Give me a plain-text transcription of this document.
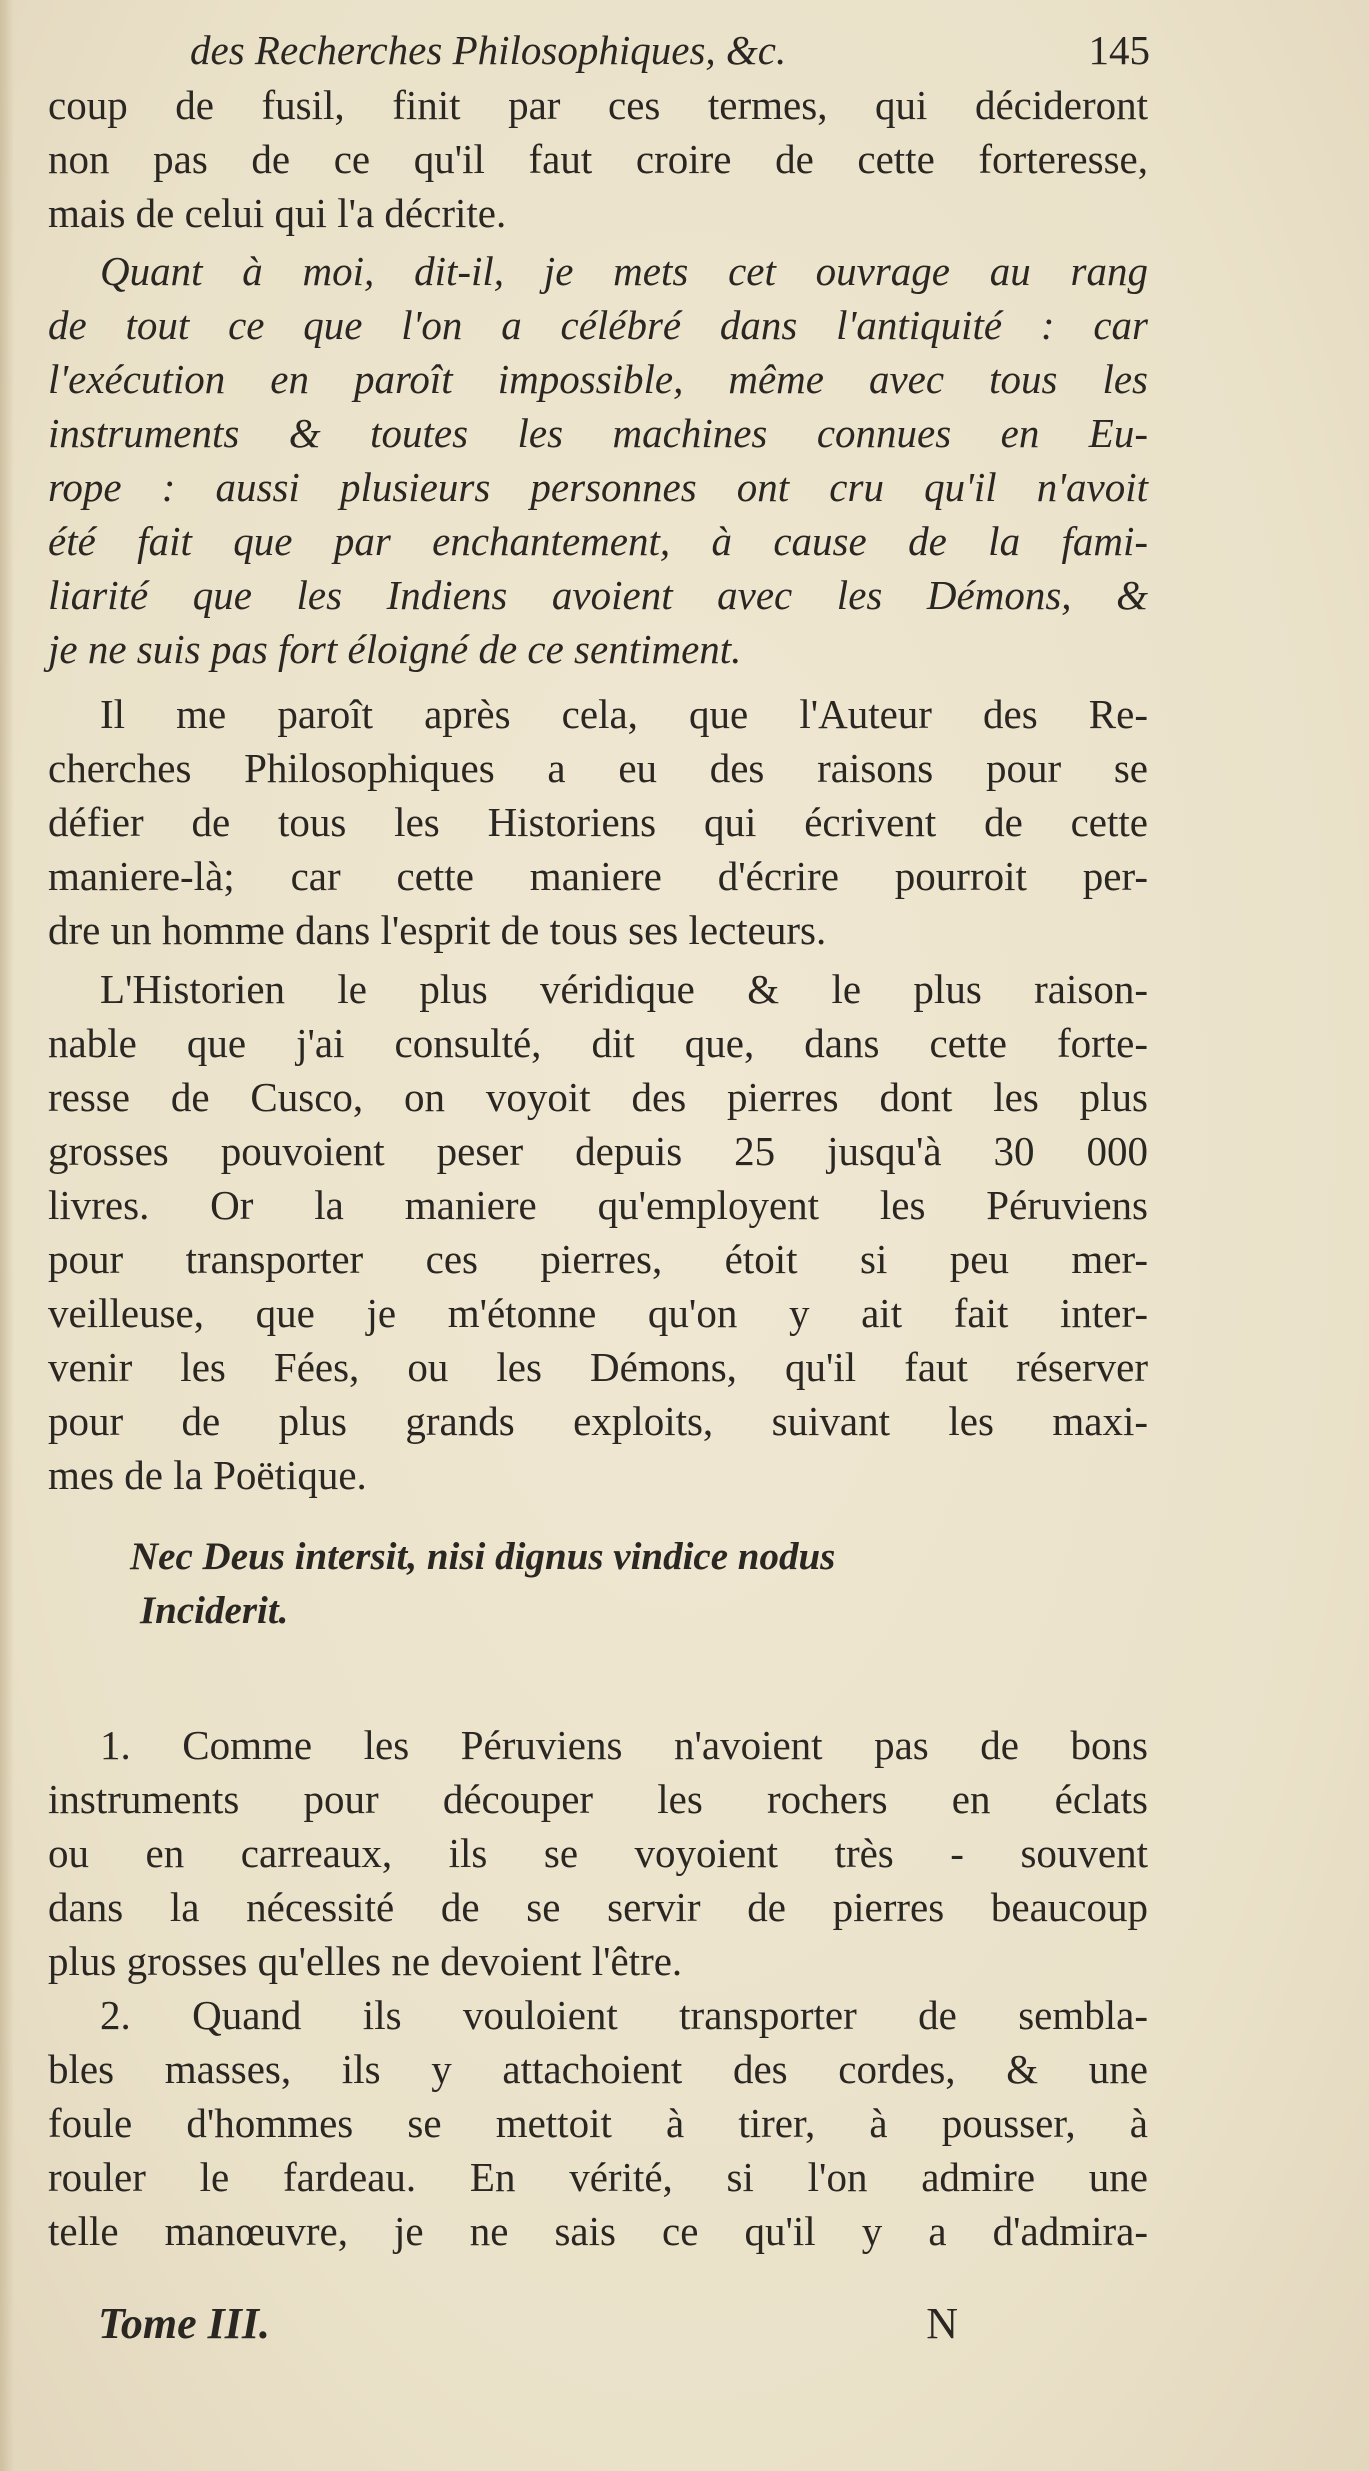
des Recherches Philosophiques, &c.	145
coup de fusil, finit par ces termes, qui décideront
non pas de ce qu'il faut croire de cette forteresse,
mais de celui qui l'a décrite.
Quant à moi, dit-il, je mets cet ouvrage au rang
de tout ce que l'on a célébré dans l'antiquité : car
l'exécution en paroît impossible, même avec tous les
instruments & toutes les machines connues en Eu-
rope : aussi plusieurs personnes ont cru qu'il n'avoit
été fait que par enchantement, à cause de la fami-
liarité que les Indiens avoient avec les Démons, &
je ne suis pas fort éloigné de ce sentiment.
Il me paroît après cela, que l'Auteur des Re-
cherches Philosophiques a eu des raisons pour se
défier de tous les Historiens qui écrivent de cette
maniere-là; car cette maniere d'écrire pourroit per-
dre un homme dans l'esprit de tous ses lecteurs.
L'Historien le plus véridique & le plus raison-
nable que j'ai consulté, dit que, dans cette forte-
resse de Cusco, on voyoit des pierres dont les plus
grosses pouvoient peser depuis 25 jusqu'à 30 000
livres. Or la maniere qu'employent les Péruviens
pour transporter ces pierres, étoit si peu mer-
veilleuse, que je m'étonne qu'on y ait fait inter-
venir les Fées, ou les Démons, qu'il faut réserver
pour de plus grands exploits, suivant les maxi-
mes de la Poëtique.
Nec Deus intersit, nisi dignus vindice nodus
Inciderit.
1. Comme les Péruviens n'avoient pas de bons
instruments pour découper les rochers en éclats
ou en carreaux, ils se voyoient très - souvent
dans la nécessité de se servir de pierres beaucoup
plus grosses qu'elles ne devoient l'être.
2. Quand ils vouloient transporter de sembla-
bles masses, ils y attachoient des cordes, & une
foule d'hommes se mettoit à tirer, à pousser, à
rouler le fardeau. En vérité, si l'on admire une
telle manœuvre, je ne sais ce qu'il y a d'admira-
Tome III.	N
